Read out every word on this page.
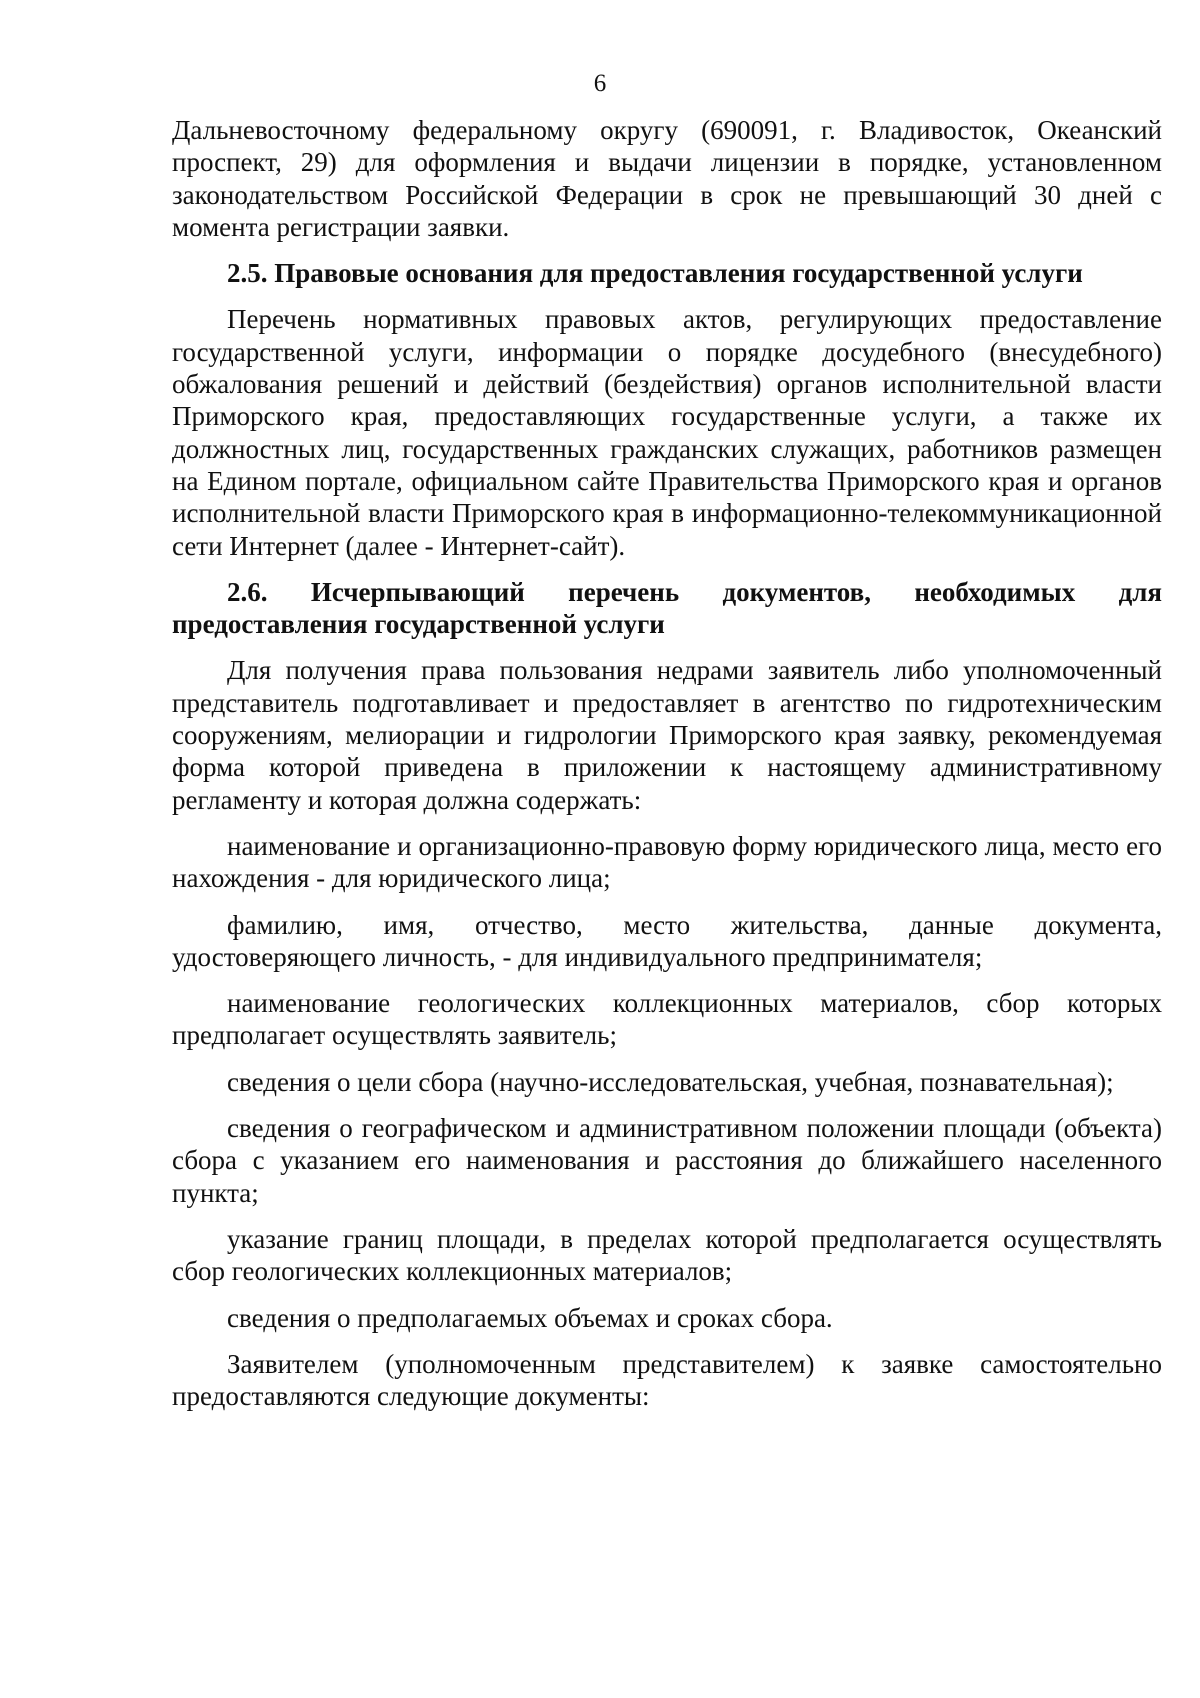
6

Дальневосточному федеральному округу (690091, г. Владивосток, Океанский проспект, 29) для оформления и выдачи лицензии в порядке, установленном законодательством Российской Федерации в срок не превышающий 30 дней с момента регистрации заявки.

2.5. Правовые основания для предоставления государственной услуги

Перечень нормативных правовых актов, регулирующих предоставление государственной услуги, информации о порядке досудебного (внесудебного) обжалования решений и действий (бездействия) органов исполнительной власти Приморского края, предоставляющих государственные услуги, а также их должностных лиц, государственных гражданских служащих, работников размещен на Едином портале, официальном сайте Правительства Приморского края и органов исполнительной власти Приморского края в информационно-телекоммуникационной сети Интернет (далее - Интернет-сайт).

2.6. Исчерпывающий перечень документов, необходимых для предоставления государственной услуги

Для получения права пользования недрами заявитель либо уполномоченный представитель подготавливает и предоставляет в агентство по гидротехническим сооружениям, мелиорации и гидрологии Приморского края заявку, рекомендуемая форма которой приведена в приложении к настоящему административному регламенту и которая должна содержать:

наименование и организационно-правовую форму юридического лица, место его нахождения - для юридического лица;

фамилию, имя, отчество, место жительства, данные документа, удостоверяющего личность, - для индивидуального предпринимателя;

наименование геологических коллекционных материалов, сбор которых предполагает осуществлять заявитель;

сведения о цели сбора (научно-исследовательская, учебная, познавательная);

сведения о географическом и административном положении площади (объекта) сбора с указанием его наименования и расстояния до ближайшего населенного пункта;

указание границ площади, в пределах которой предполагается осуществлять сбор геологических коллекционных материалов;

сведения о предполагаемых объемах и сроках сбора.

Заявителем (уполномоченным представителем) к заявке самостоятельно предоставляются следующие документы:
